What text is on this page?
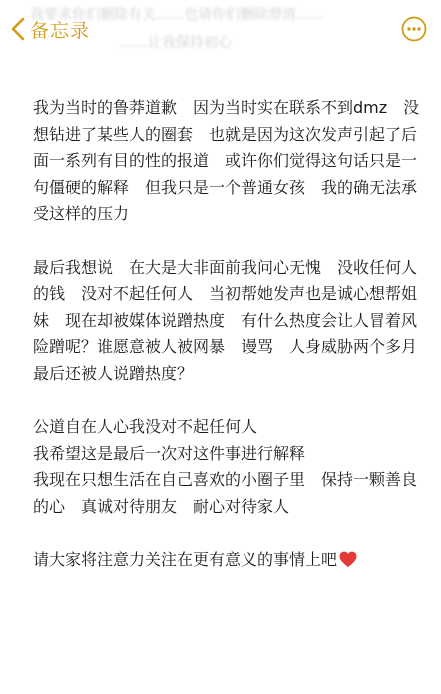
我要求你们删除有关……也请你们删除澄清……
……让我保持初心
备忘录

我为当时的鲁莽道歉　因为当时实在联系不到dmz　没想钻进了某些人的圈套　也就是因为这次发声引起了后面一系列有目的性的报道　或许你们觉得这句话只是一句僵硬的解释　但我只是一个普通女孩　我的确无法承受这样的压力

最后我想说　在大是大非面前我问心无愧　没收任何人的钱　没对不起任何人　当初帮她发声也是诚心想帮姐妹　现在却被媒体说蹭热度　有什么热度会让人冒着风险蹭呢？谁愿意被人被网暴　谩骂　人身威胁两个多月　最后还被人说蹭热度？

公道自在人心我没对不起任何人
我希望这是最后一次对这件事进行解释
我现在只想生活在自己喜欢的小圈子里　保持一颗善良的心　真诚对待朋友　耐心对待家人

请大家将注意力关注在更有意义的事情上吧
